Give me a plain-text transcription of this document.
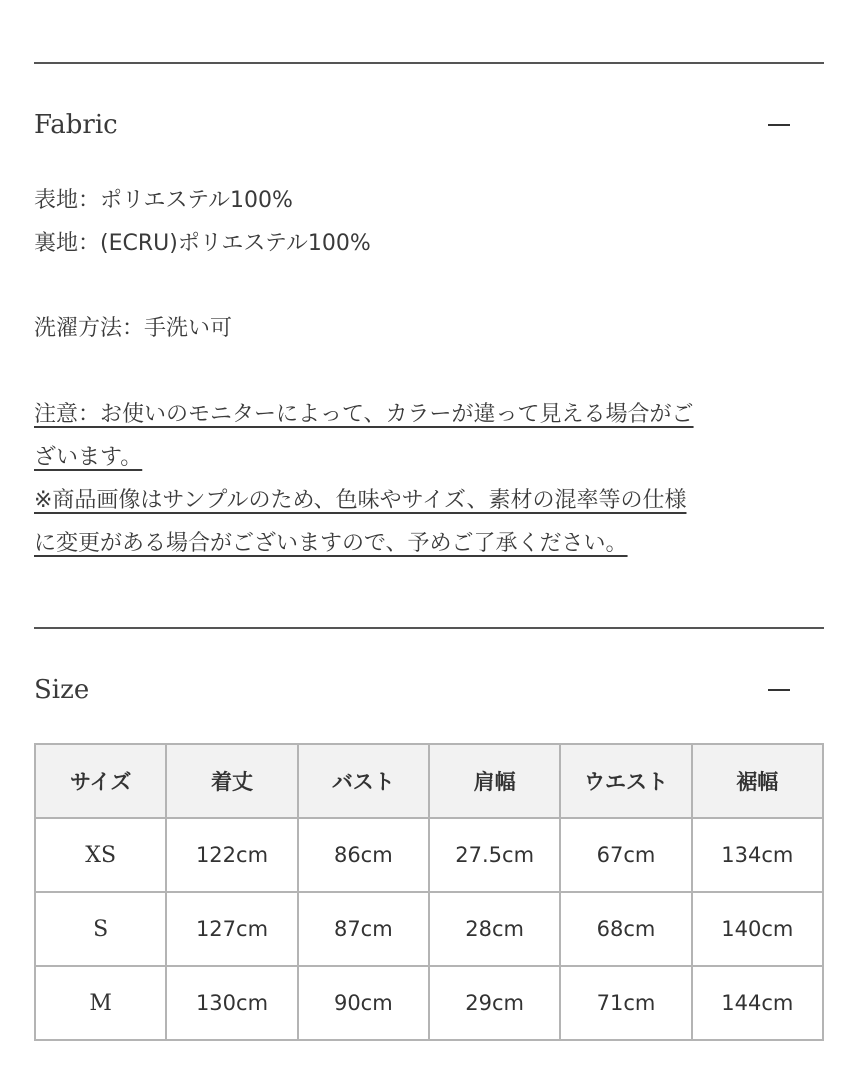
Fabric
表地：ポリエステル100%
裏地：(ECRU)ポリエステル100%
洗濯方法：手洗い可
注意：お使いのモニターによって、カラーが違って見える場合がご
ざいます。
※商品画像はサンプルのため、色味やサイズ、素材の混率等の仕様
に変更がある場合がございますので、予めご了承ください。
Size
サイズ	着丈	バスト	肩幅	ウエスト	裾幅
XS	122cm	86cm	27.5cm	67cm	134cm
S	127cm	87cm	28cm	68cm	140cm
M	130cm	90cm	29cm	71cm	144cm
